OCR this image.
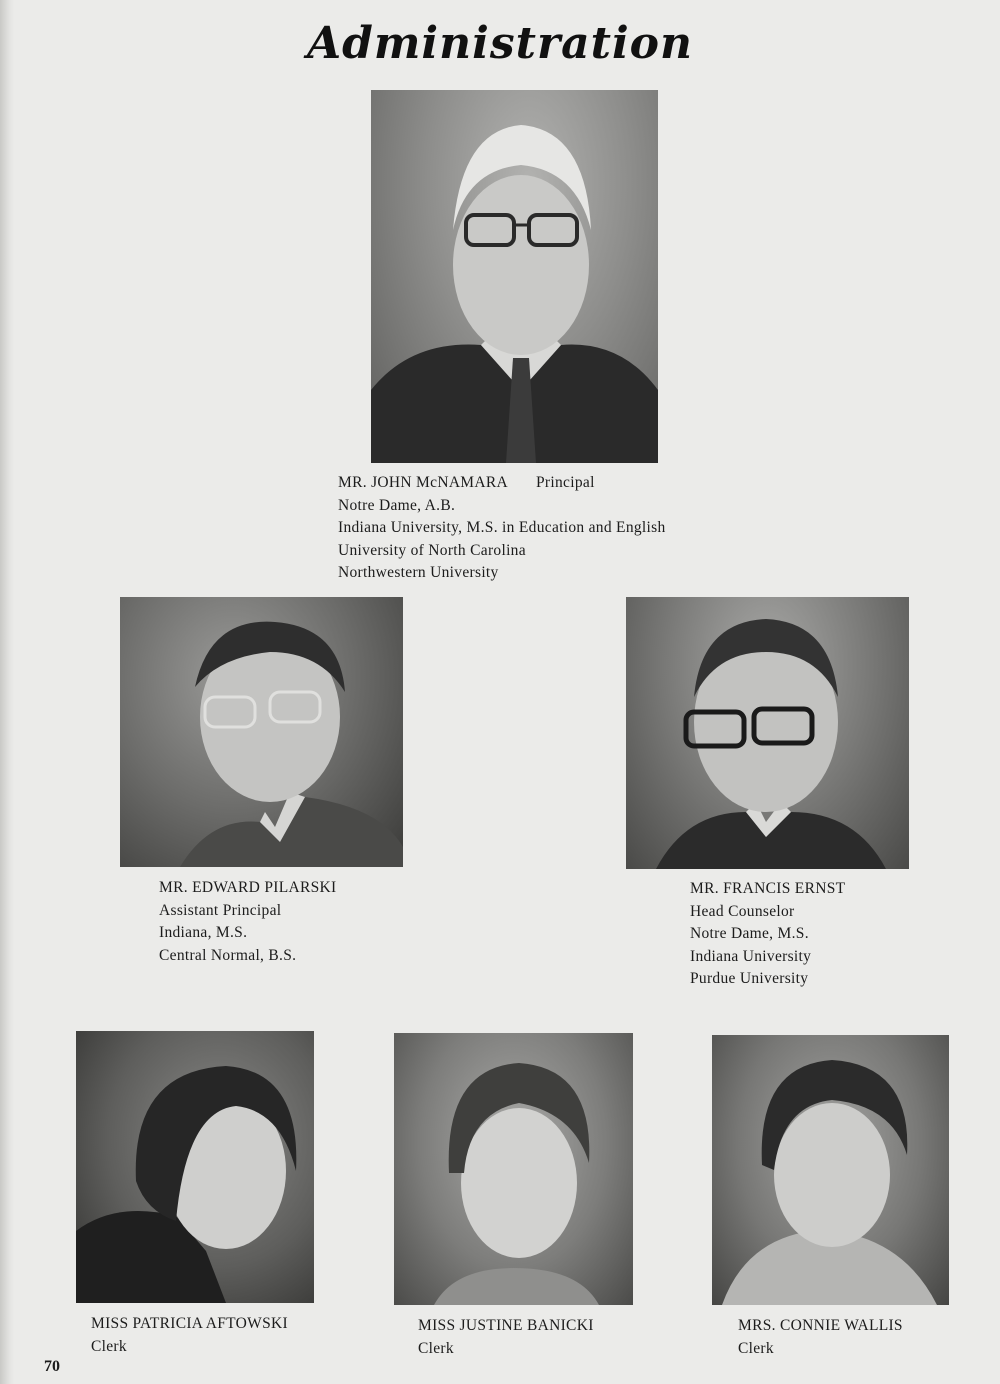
Administration
MR. JOHN McNAMARA Principal
Notre Dame, A.B.
Indiana University, M.S. in Education and English
University of North Carolina
Northwestern University
MR. EDWARD PILARSKI
Assistant Principal
Indiana, M.S.
Central Normal, B.S.
MR. FRANCIS ERNST
Head Counselor
Notre Dame, M.S.
Indiana University
Purdue University
MISS PATRICIA AFTOWSKI
Clerk
MISS JUSTINE BANICKI
Clerk
MRS. CONNIE WALLIS
Clerk
70
